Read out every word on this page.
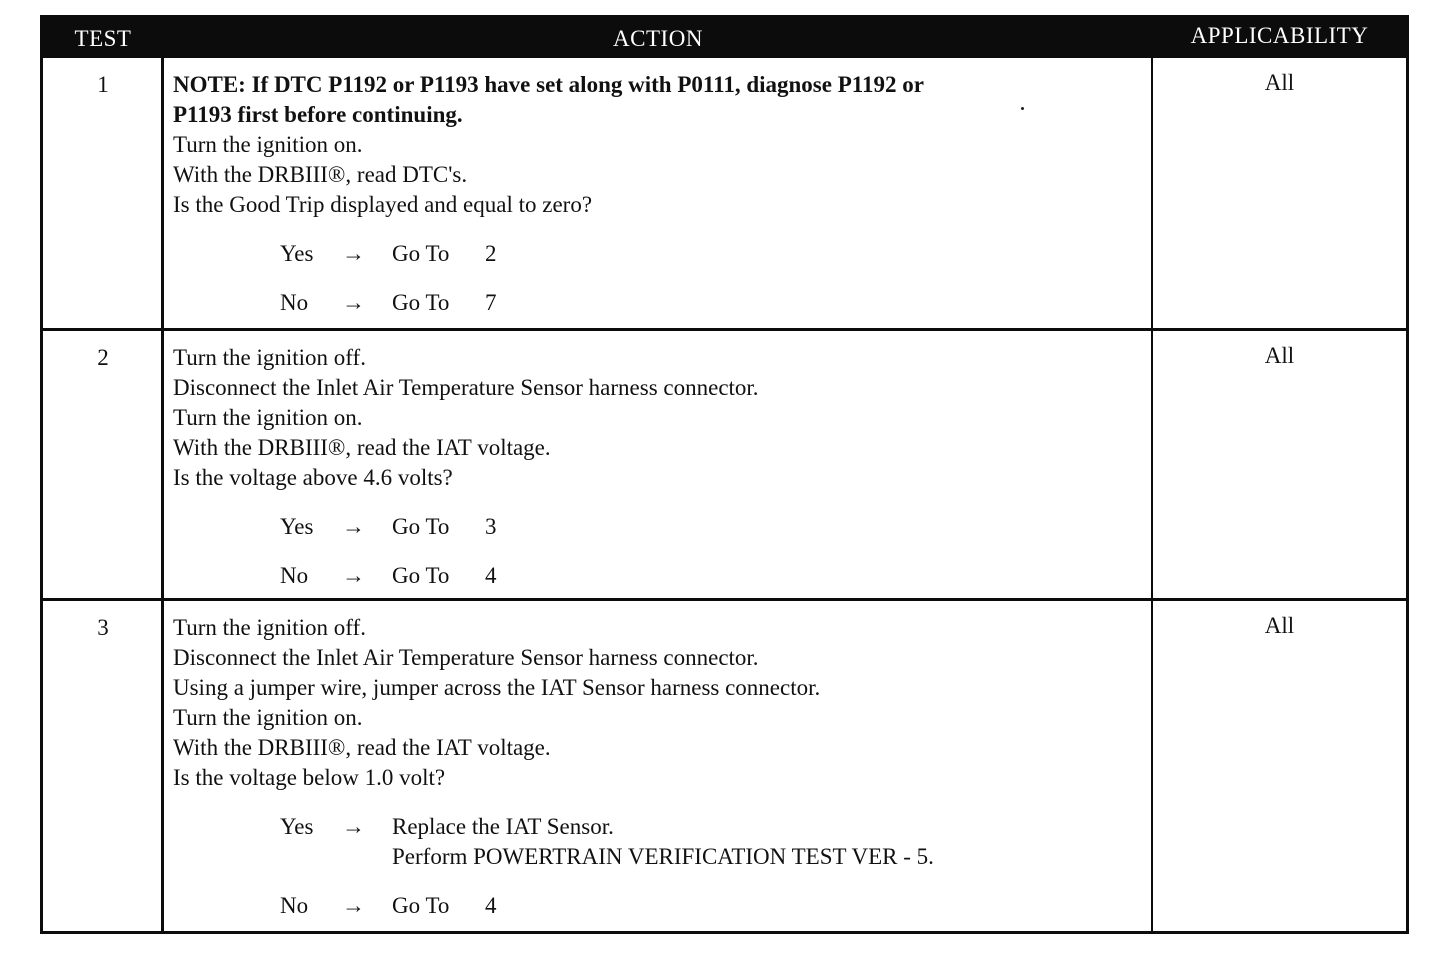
TEST	ACTION	APPLICABILITY
1	NOTE: If DTC P1192 or P1193 have set along with P0111, diagnose P1192 or
P1193 first before continuing.
Turn the ignition on.
With the DRBIII®, read DTC's.
Is the Good Trip displayed and equal to zero?
Yes	→	Go To 2
No	→	Go To 7
All
2	Turn the ignition off.
Disconnect the Inlet Air Temperature Sensor harness connector.
Turn the ignition on.
With the DRBIII®, read the IAT voltage.
Is the voltage above 4.6 volts?
Yes	→	Go To 3
No	→	Go To 4
All
3	Turn the ignition off.
Disconnect the Inlet Air Temperature Sensor harness connector.
Using a jumper wire, jumper across the IAT Sensor harness connector.
Turn the ignition on.
With the DRBIII®, read the IAT voltage.
Is the voltage below 1.0 volt?
Yes	→	Replace the IAT Sensor.
Perform POWERTRAIN VERIFICATION TEST VER - 5.
No	→	Go To 4
All
